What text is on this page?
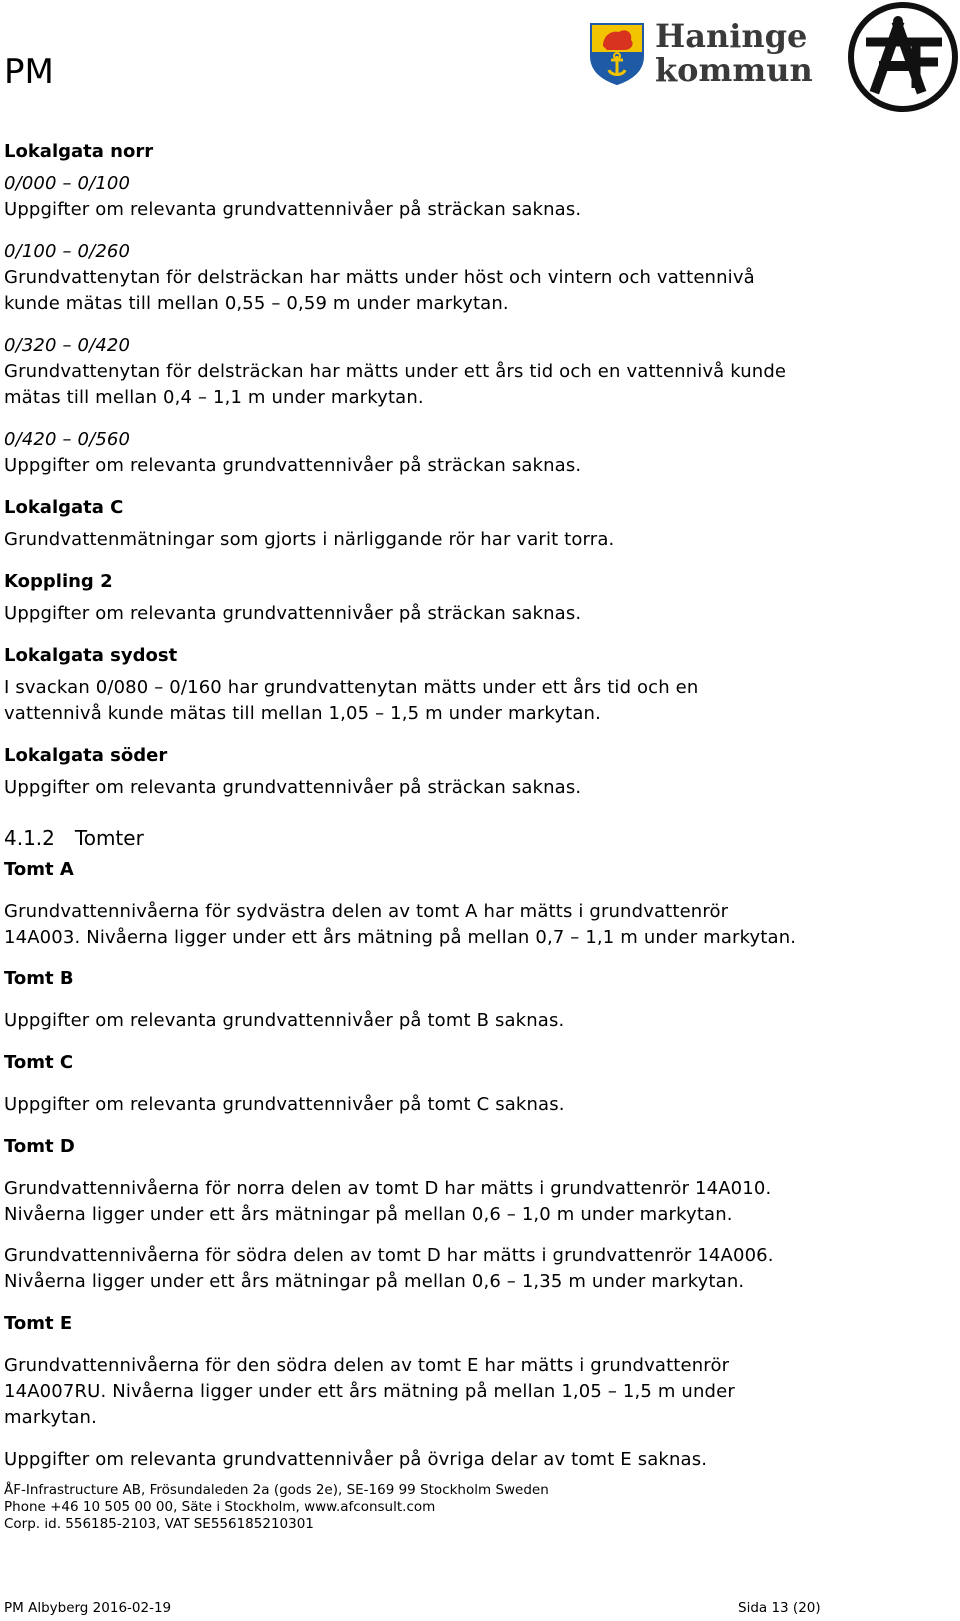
PM
Haninge
kommun
Lokalgata norr
0/000 – 0/100
Uppgifter om relevanta grundvattennivåer på sträckan saknas.
0/100 – 0/260
Grundvattenytan för delsträckan har mätts under höst och vintern och vattennivå
kunde mätas till mellan 0,55 – 0,59 m under markytan.
0/320 – 0/420
Grundvattenytan för delsträckan har mätts under ett års tid och en vattennivå kunde
mätas till mellan 0,4 – 1,1 m under markytan.
0/420 – 0/560
Uppgifter om relevanta grundvattennivåer på sträckan saknas.
Lokalgata C
Grundvattenmätningar som gjorts i närliggande rör har varit torra.
Koppling 2
Uppgifter om relevanta grundvattennivåer på sträckan saknas.
Lokalgata sydost
I svackan 0/080 – 0/160 har grundvattenytan mätts under ett års tid och en
vattennivå kunde mätas till mellan 1,05 – 1,5 m under markytan.
Lokalgata söder
Uppgifter om relevanta grundvattennivåer på sträckan saknas.
4.1.2 Tomter
Tomt A
Grundvattennivåerna för sydvästra delen av tomt A har mätts i grundvattenrör
14A003. Nivåerna ligger under ett års mätning på mellan 0,7 – 1,1 m under markytan.
Tomt B
Uppgifter om relevanta grundvattennivåer på tomt B saknas.
Tomt C
Uppgifter om relevanta grundvattennivåer på tomt C saknas.
Tomt D
Grundvattennivåerna för norra delen av tomt D har mätts i grundvattenrör 14A010.
Nivåerna ligger under ett års mätningar på mellan 0,6 – 1,0 m under markytan.
Grundvattennivåerna för södra delen av tomt D har mätts i grundvattenrör 14A006.
Nivåerna ligger under ett års mätningar på mellan 0,6 – 1,35 m under markytan.
Tomt E
Grundvattennivåerna för den södra delen av tomt E har mätts i grundvattenrör
14A007RU. Nivåerna ligger under ett års mätning på mellan 1,05 – 1,5 m under
markytan.
Uppgifter om relevanta grundvattennivåer på övriga delar av tomt E saknas.
ÅF-Infrastructure AB, Frösundaleden 2a (gods 2e), SE-169 99 Stockholm Sweden
Phone +46 10 505 00 00, Säte i Stockholm, www.afconsult.com
Corp. id. 556185-2103, VAT SE556185210301
PM Albyberg 2016-02-19	Sida 13 (20)
